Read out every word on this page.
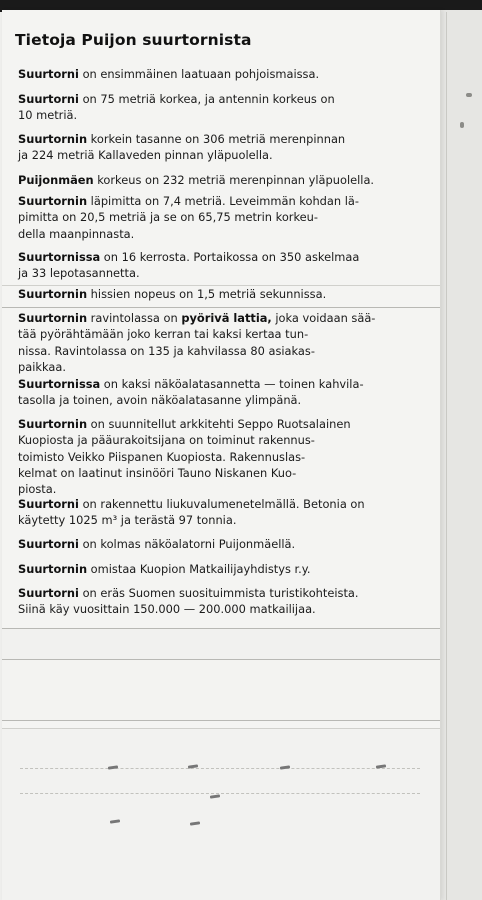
Tietoja Puijon suurtornista

Suurtorni on ensimmäinen laatuaan pohjoismaissa.

Suurtorni on 75 metriä korkea, ja antennin korkeus on
10 metriä.

Suurtornin korkein tasanne on 306 metriä merenpinnan
ja 224 metriä Kallaveden pinnan yläpuolella.

Puijonmäen korkeus on 232 metriä merenpinnan yläpuolella.

Suurtornin läpimitta on 7,4 metriä. Leveimmän kohdan lä-
pimitta on 20,5 metriä ja se on 65,75 metrin korkeu-
della maanpinnasta.

Suurtornissa on 16 kerrosta. Portaikossa on 350 askelmaa
ja 33 lepotasannetta.

Suurtornin hissien nopeus on 1,5 metriä sekunnissa.

Suurtornin ravintolassa on pyörivä lattia, joka voidaan sää-
tää pyörähtämään joko kerran tai kaksi kertaa tun-
nissa. Ravintolassa on 135 ja kahvilassa 80 asiakas-
paikkaa.

Suurtornissa on kaksi näköalatasannetta — toinen kahvila-
tasolla ja toinen, avoin näköalatasanne ylimpänä.

Suurtornin on suunnitellut arkkitehti Seppo Ruotsalainen
Kuopiosta ja pääurakoitsijana on toiminut rakennus-
toimisto Veikko Piispanen Kuopiosta. Rakennuslas-
kelmat on laatinut insinööri Tauno Niskanen Kuo-
piosta.

Suurtorni on rakennettu liukuvalumenetelmällä. Betonia on
käytetty 1025 m³ ja terästä 97 tonnia.

Suurtorni on kolmas näköalatorni Puijonmäellä.

Suurtornin omistaa Kuopion Matkailijayhdistys r.y.

Suurtorni on eräs Suomen suosituimmista turistikohteista.
Siinä käy vuosittain 150.000 — 200.000 matkailijaa.
